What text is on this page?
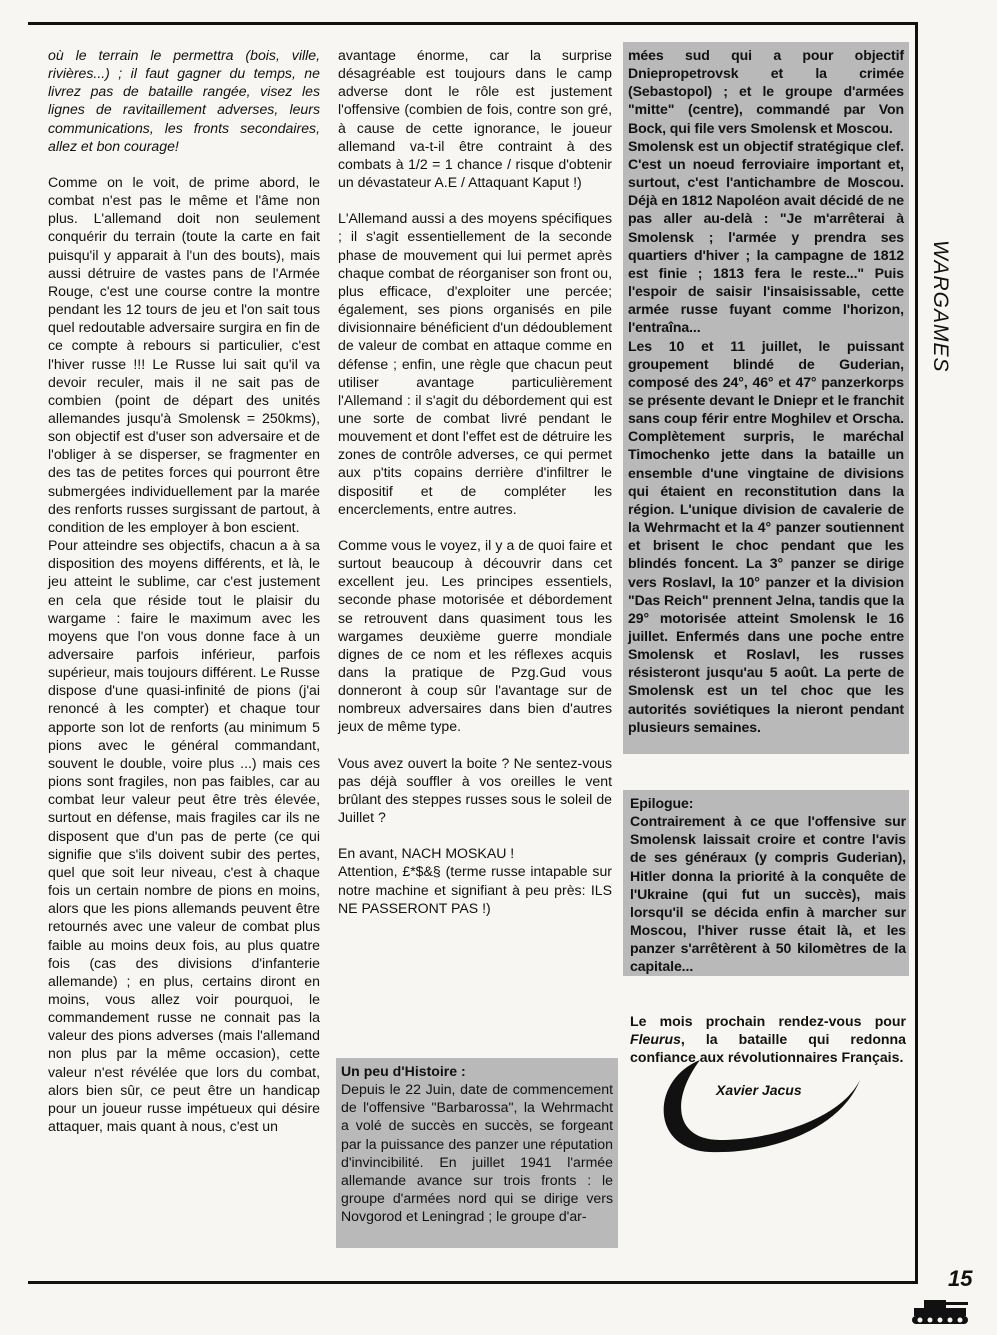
où le terrain le permettra (bois, ville, rivières...) ; il faut gagner du temps, ne livrez pas de bataille rangée, visez les lignes de ravitaillement adverses, leurs communications, les fronts secondaires, allez et bon courage!

Comme on le voit, de prime abord, le combat n'est pas le même et l'âme non plus. L'allemand doit non seulement conquérir du terrain (toute la carte en fait puisqu'il y apparait à l'un des bouts), mais aussi détruire de vastes pans de l'Armée Rouge, c'est une course contre la montre pendant les 12 tours de jeu et l'on sait tous quel redoutable adversaire surgira en fin de ce compte à rebours si particulier, c'est l'hiver russe !!! Le Russe lui sait qu'il va devoir reculer, mais il ne sait pas de combien (point de départ des unités allemandes jusqu'à Smolensk = 250kms), son objectif est d'user son adversaire et de l'obliger à se disperser, se fragmenter en des tas de petites forces qui pourront être submergées individuellement par la marée des renforts russes surgissant de partout, à condition de les employer à bon escient.

Pour atteindre ses objectifs, chacun a à sa disposition des moyens différents, et là, le jeu atteint le sublime, car c'est justement en cela que réside tout le plaisir du wargame : faire le maximum avec les moyens que l'on vous donne face à un adversaire parfois inférieur, parfois supérieur, mais toujours différent. Le Russe dispose d'une quasi-infinité de pions (j'ai renoncé à les compter) et chaque tour apporte son lot de renforts (au minimum 5 pions avec le général commandant, souvent le double, voire plus ...) mais ces pions sont fragiles, non pas faibles, car au combat leur valeur peut être très élevée, surtout en défense, mais fragiles car ils ne disposent que d'un pas de perte (ce qui signifie que s'ils doivent subir des pertes, quel que soit leur niveau, c'est à chaque fois un certain nombre de pions en moins, alors que les pions allemands peuvent être retournés avec une valeur de combat plus faible au moins deux fois, au plus quatre fois (cas des divisions d'infanterie allemande) ; en plus, certains diront en moins, vous allez voir pourquoi, le commandement russe ne connait pas la valeur des pions adverses (mais l'allemand non plus par la même occasion), cette valeur n'est révélée que lors du combat, alors bien sûr, ce peut être un handicap pour un joueur russe impétueux qui désire attaquer, mais quant à nous, c'est un

avantage énorme, car la surprise désagréable est toujours dans le camp adverse dont le rôle est justement l'offensive (combien de fois, contre son gré, à cause de cette ignorance, le joueur allemand va-t-il être contraint à des combats à 1/2 = 1 chance / risque d'obtenir un dévastateur A.E / Attaquant Kaput !)

L'Allemand aussi a des moyens spécifiques ; il s'agit essentiellement de la seconde phase de mouvement qui lui permet après chaque combat de réorganiser son front ou, plus efficace, d'exploiter une percée; également, ses pions organisés en pile divisionnaire bénéficient d'un dédoublement de valeur de combat en attaque comme en défense ; enfin, une règle que chacun peut utiliser avantage particulièrement l'Allemand : il s'agit du débordement qui est une sorte de combat livré pendant le mouvement et dont l'effet est de détruire les zones de contrôle adverses, ce qui permet aux p'tits copains derrière d'infiltrer le dispositif et de compléter les encerclements, entre autres.

Comme vous le voyez, il y a de quoi faire et surtout beaucoup à découvrir dans cet excellent jeu. Les principes essentiels, seconde phase motorisée et débordement se retrouvent dans quasiment tous les wargames deuxième guerre mondiale dignes de ce nom et les réflexes acquis dans la pratique de Pzg.Gud vous donneront à coup sûr l'avantage sur de nombreux adversaires dans bien d'autres jeux de même type.

Vous avez ouvert la boite ? Ne sentez-vous pas déjà souffler à vos oreilles le vent brûlant des steppes russes sous le soleil de Juillet ?

En avant, NACH MOSKAU !

Attention, £*$&§ (terme russe intapable sur notre machine et signifiant à peu près: ILS NE PASSERONT PAS !)

Un peu d'Histoire :

Depuis le 22 Juin, date de commencement de l'offensive "Barbarossa", la Wehrmacht a volé de succès en succès, se forgeant par la puissance des panzer une réputation d'invincibilité. En juillet 1941 l'armée allemande avance sur trois fronts : le groupe d'armées nord qui se dirige vers Novgorod et Leningrad ; le groupe d'ar-

mées sud qui a pour objectif Dniepropetrovsk et la crimée (Sebastopol) ; et le groupe d'armées "mitte" (centre), commandé par Von Bock, qui file vers Smolensk et Moscou.

Smolensk est un objectif stratégique clef. C'est un noeud ferroviaire important et, surtout, c'est l'antichambre de Moscou. Déjà en 1812 Napoléon avait décidé de ne pas aller au-delà : "Je m'arrêterai à Smolensk ; l'armée y prendra ses quartiers d'hiver ; la campagne de 1812 est finie ; 1813 fera le reste..." Puis l'espoir de saisir l'insaisissable, cette armée russe fuyant comme l'horizon, l'entraîna...

Les 10 et 11 juillet, le puissant groupement blindé de Guderian, composé des 24°, 46° et 47° panzerkorps se présente devant le Dniepr et le franchit sans coup férir entre Moghilev et Orscha. Complètement surpris, le maréchal Timochenko jette dans la bataille un ensemble d'une vingtaine de divisions qui étaient en reconstitution dans la région. L'unique division de cavalerie de la Wehrmacht et la 4° panzer soutiennent et brisent le choc pendant que les blindés foncent. La 3° panzer se dirige vers Roslavl, la 10° panzer et la division "Das Reich" prennent Jelna, tandis que la 29° motorisée atteint Smolensk le 16 juillet. Enfermés dans une poche entre Smolensk et Roslavl, les russes résisteront jusqu'au 5 août. La perte de Smolensk est un tel choc que les autorités soviétiques la nieront pendant plusieurs semaines.

Epilogue:

Contrairement à ce que l'offensive sur Smolensk laissait croire et contre l'avis de ses généraux (y compris Guderian), Hitler donna la priorité à la conquête de l'Ukraine (qui fut un succès), mais lorsqu'il se décida enfin à marcher sur Moscou, l'hiver russe était là, et les panzer s'arrêtèrent à 50 kilomètres de la capitale...

Le mois prochain rendez-vous pour Fleurus, la bataille qui redonna confiance aux révolutionnaires Français.

Xavier Jacus
WARGAMES
15
